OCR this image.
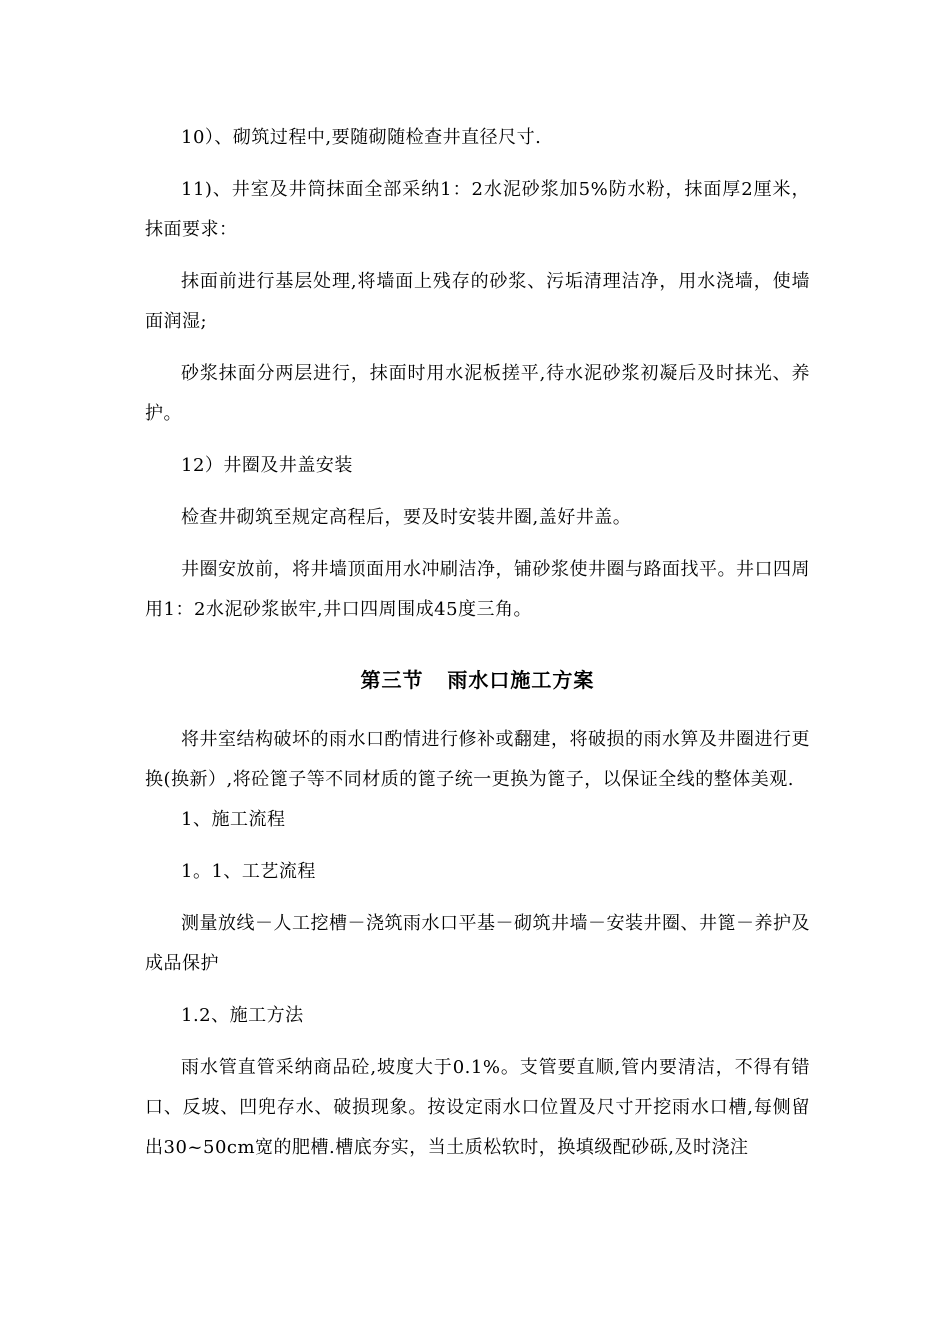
10）、砌筑过程中,要随砌随检查井直径尺寸.

11)、井室及井筒抹面全部采纳1：2水泥砂浆加5%防水粉，抹面厚2厘米，抹面要求：

抹面前进行基层处理,将墙面上残存的砂浆、污垢清理洁净，用水浇墙，使墙面润湿;

砂浆抹面分两层进行，抹面时用水泥板搓平,待水泥砂浆初凝后及时抹光、养护。

12）井圈及井盖安装

检查井砌筑至规定高程后，要及时安装井圈,盖好井盖。

井圈安放前，将井墙顶面用水冲刷洁净，铺砂浆使井圈与路面找平。井口四周用1：2水泥砂浆嵌牢,井口四周围成45度三角。

第三节   雨水口施工方案

将井室结构破坏的雨水口酌情进行修补或翻建，将破损的雨水箅及井圈进行更换(换新）,将砼篦子等不同材质的篦子统一更换为篦子，以保证全线的整体美观.

1、施工流程

1。1、工艺流程

测量放线－人工挖槽－浇筑雨水口平基－砌筑井墙－安装井圈、井篦－养护及成品保护

1.2、施工方法

雨水管直管采纳商品砼,坡度大于0.1%。支管要直顺,管内要清洁，不得有错口、反坡、凹兜存水、破损现象。按设定雨水口位置及尺寸开挖雨水口槽,每侧留出30~50cm宽的肥槽.槽底夯实，当土质松软时，换填级配砂砾,及时浇注
